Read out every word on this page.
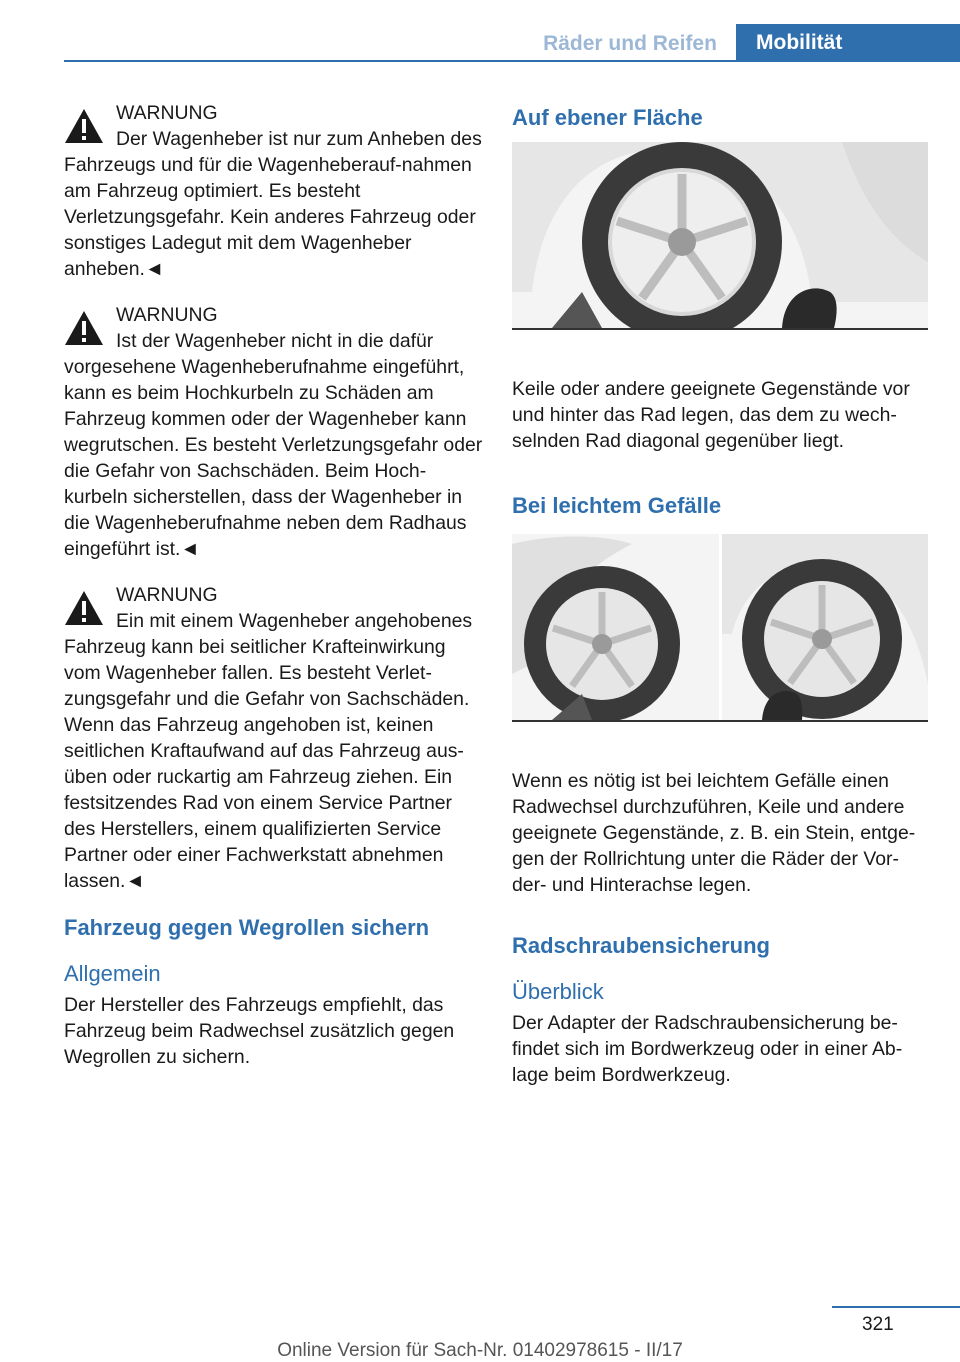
Räder und Reifen	Mobilität
WARNUNG

Der Wagenheber ist nur zum Anheben des Fahrzeugs und für die Wagenheberauf-nahmen am Fahrzeug optimiert. Es besteht Verletzungsgefahr. Kein anderes Fahrzeug oder sonstiges Ladegut mit dem Wagenheber anheben.◄

WARNUNG

Ist der Wagenheber nicht in die dafür vorgesehene Wagenheberufnahme eingeführt, kann es beim Hochkurbeln zu Schäden am Fahrzeug kommen oder der Wagenheber kann wegrutschen. Es besteht Verletzungsgefahr oder die Gefahr von Sachschäden. Beim Hoch-kurbeln sicherstellen, dass der Wagenheber in die Wagenheberufnahme neben dem Radhaus eingeführt ist.◄

WARNUNG

Ein mit einem Wagenheber angehobenes Fahrzeug kann bei seitlicher Krafteinwirkung vom Wagenheber fallen. Es besteht Verlet-zungsgefahr und die Gefahr von Sachschäden. Wenn das Fahrzeug angehoben ist, keinen seitlichen Kraftaufwand auf das Fahrzeug aus-üben oder ruckartig am Fahrzeug ziehen. Ein festsitzendes Rad von einem Service Partner des Herstellers, einem qualifizierten Service Partner oder einer Fachwerkstatt abnehmen lassen.◄

Fahrzeug gegen Wegrollen sichern
Allgemein

Der Hersteller des Fahrzeugs empfiehlt, das Fahrzeug beim Radwechsel zusätzlich gegen Wegrollen zu sichern.

Auf ebener Fläche

Keile oder andere geeignete Gegenstände vor und hinter das Rad legen, das dem zu wech-selnden Rad diagonal gegenüber liegt.

Bei leichtem Gefälle

Wenn es nötig ist bei leichtem Gefälle einen Radwechsel durchzuführen, Keile und andere geeignete Gegenstände, z. B. ein Stein, entge-gen der Rollrichtung unter die Räder der Vor-der- und Hinterachse legen.

Radschraubensicherung
Überblick

Der Adapter der Radschraubensicherung be-findet sich im Bordwerkzeug oder in einer Ab-lage beim Bordwerkzeug.

321
Online Version für Sach-Nr. 01402978615 - II/17
